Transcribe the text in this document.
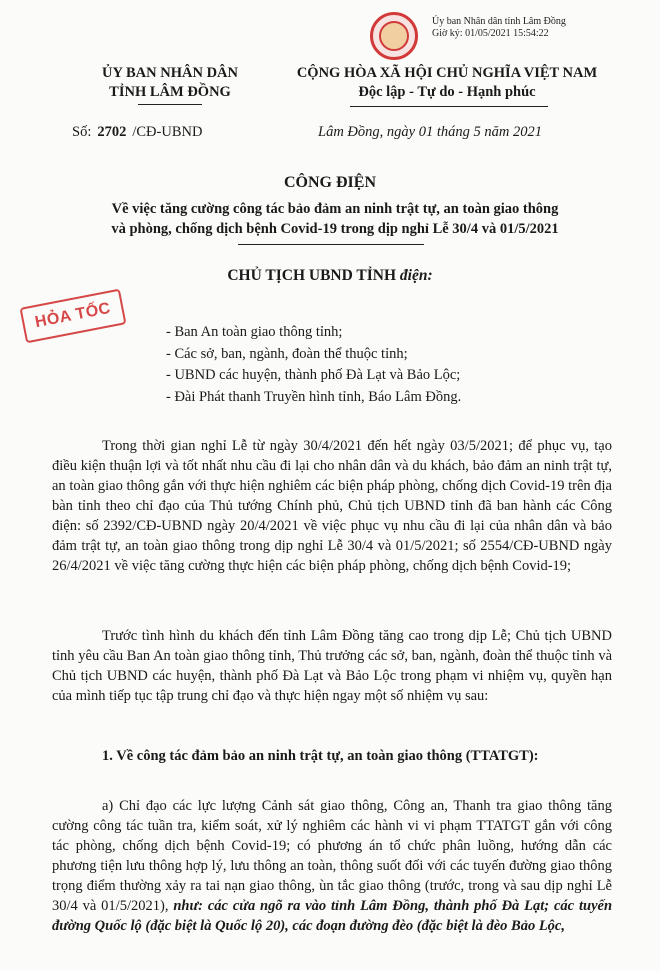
Ủy ban Nhân dân tỉnh Lâm Đồng
Giờ ký: 01/05/2021 15:54:22
ỦY BAN NHÂN DÂN
TỈNH LÂM ĐỒNG
CỘNG HÒA XÃ HỘI CHỦ NGHĨA VIỆT NAM
Độc lập - Tự do - Hạnh phúc
Số: 2702 /CĐ-UBND	Lâm Đồng, ngày 01 tháng 5 năm 2021
CÔNG ĐIỆN
Về việc tăng cường công tác bảo đảm an ninh trật tự, an toàn giao thông
và phòng, chống dịch bệnh Covid-19 trong dịp nghỉ Lễ 30/4 và 01/5/2021
CHỦ TỊCH UBND TỈNH điện:
HỎA TỐC
- Ban An toàn giao thông tỉnh;
- Các sở, ban, ngành, đoàn thể thuộc tỉnh;
- UBND các huyện, thành phố Đà Lạt và Bảo Lộc;
- Đài Phát thanh Truyền hình tỉnh, Báo Lâm Đồng.
Trong thời gian nghỉ Lễ từ ngày 30/4/2021 đến hết ngày 03/5/2021; để phục vụ, tạo điều kiện thuận lợi và tốt nhất nhu cầu đi lại cho nhân dân và du khách, bảo đảm an ninh trật tự, an toàn giao thông gắn với thực hiện nghiêm các biện pháp phòng, chống dịch Covid-19 trên địa bàn tỉnh theo chỉ đạo của Thủ tướng Chính phủ, Chủ tịch UBND tỉnh đã ban hành các Công điện: số 2392/CĐ-UBND ngày 20/4/2021 về việc phục vụ nhu cầu đi lại của nhân dân và bảo đảm trật tự, an toàn giao thông trong dịp nghỉ Lễ 30/4 và 01/5/2021; số 2554/CĐ-UBND ngày 26/4/2021 về việc tăng cường thực hiện các biện pháp phòng, chống dịch bệnh Covid-19;
Trước tình hình du khách đến tỉnh Lâm Đồng tăng cao trong dịp Lễ; Chủ tịch UBND tỉnh yêu cầu Ban An toàn giao thông tỉnh, Thủ trưởng các sở, ban, ngành, đoàn thể thuộc tỉnh và Chủ tịch UBND các huyện, thành phố Đà Lạt và Bảo Lộc trong phạm vi nhiệm vụ, quyền hạn của mình tiếp tục tập trung chỉ đạo và thực hiện ngay một số nhiệm vụ sau:
1. Về công tác đảm bảo an ninh trật tự, an toàn giao thông (TTATGT):
a) Chỉ đạo các lực lượng Cảnh sát giao thông, Công an, Thanh tra giao thông tăng cường công tác tuần tra, kiểm soát, xử lý nghiêm các hành vi vi phạm TTATGT gắn với công tác phòng, chống dịch bệnh Covid-19; có phương án tổ chức phân luồng, hướng dẫn các phương tiện lưu thông hợp lý, lưu thông an toàn, thông suốt đối với các tuyến đường giao thông trọng điểm thường xảy ra tai nạn giao thông, ùn tắc giao thông (trước, trong và sau dịp nghỉ Lễ 30/4 và 01/5/2021), như: các cửa ngõ ra vào tỉnh Lâm Đồng, thành phố Đà Lạt; các tuyến đường Quốc lộ (đặc biệt là Quốc lộ 20), các đoạn đường đèo (đặc biệt là đèo Bảo Lộc,
